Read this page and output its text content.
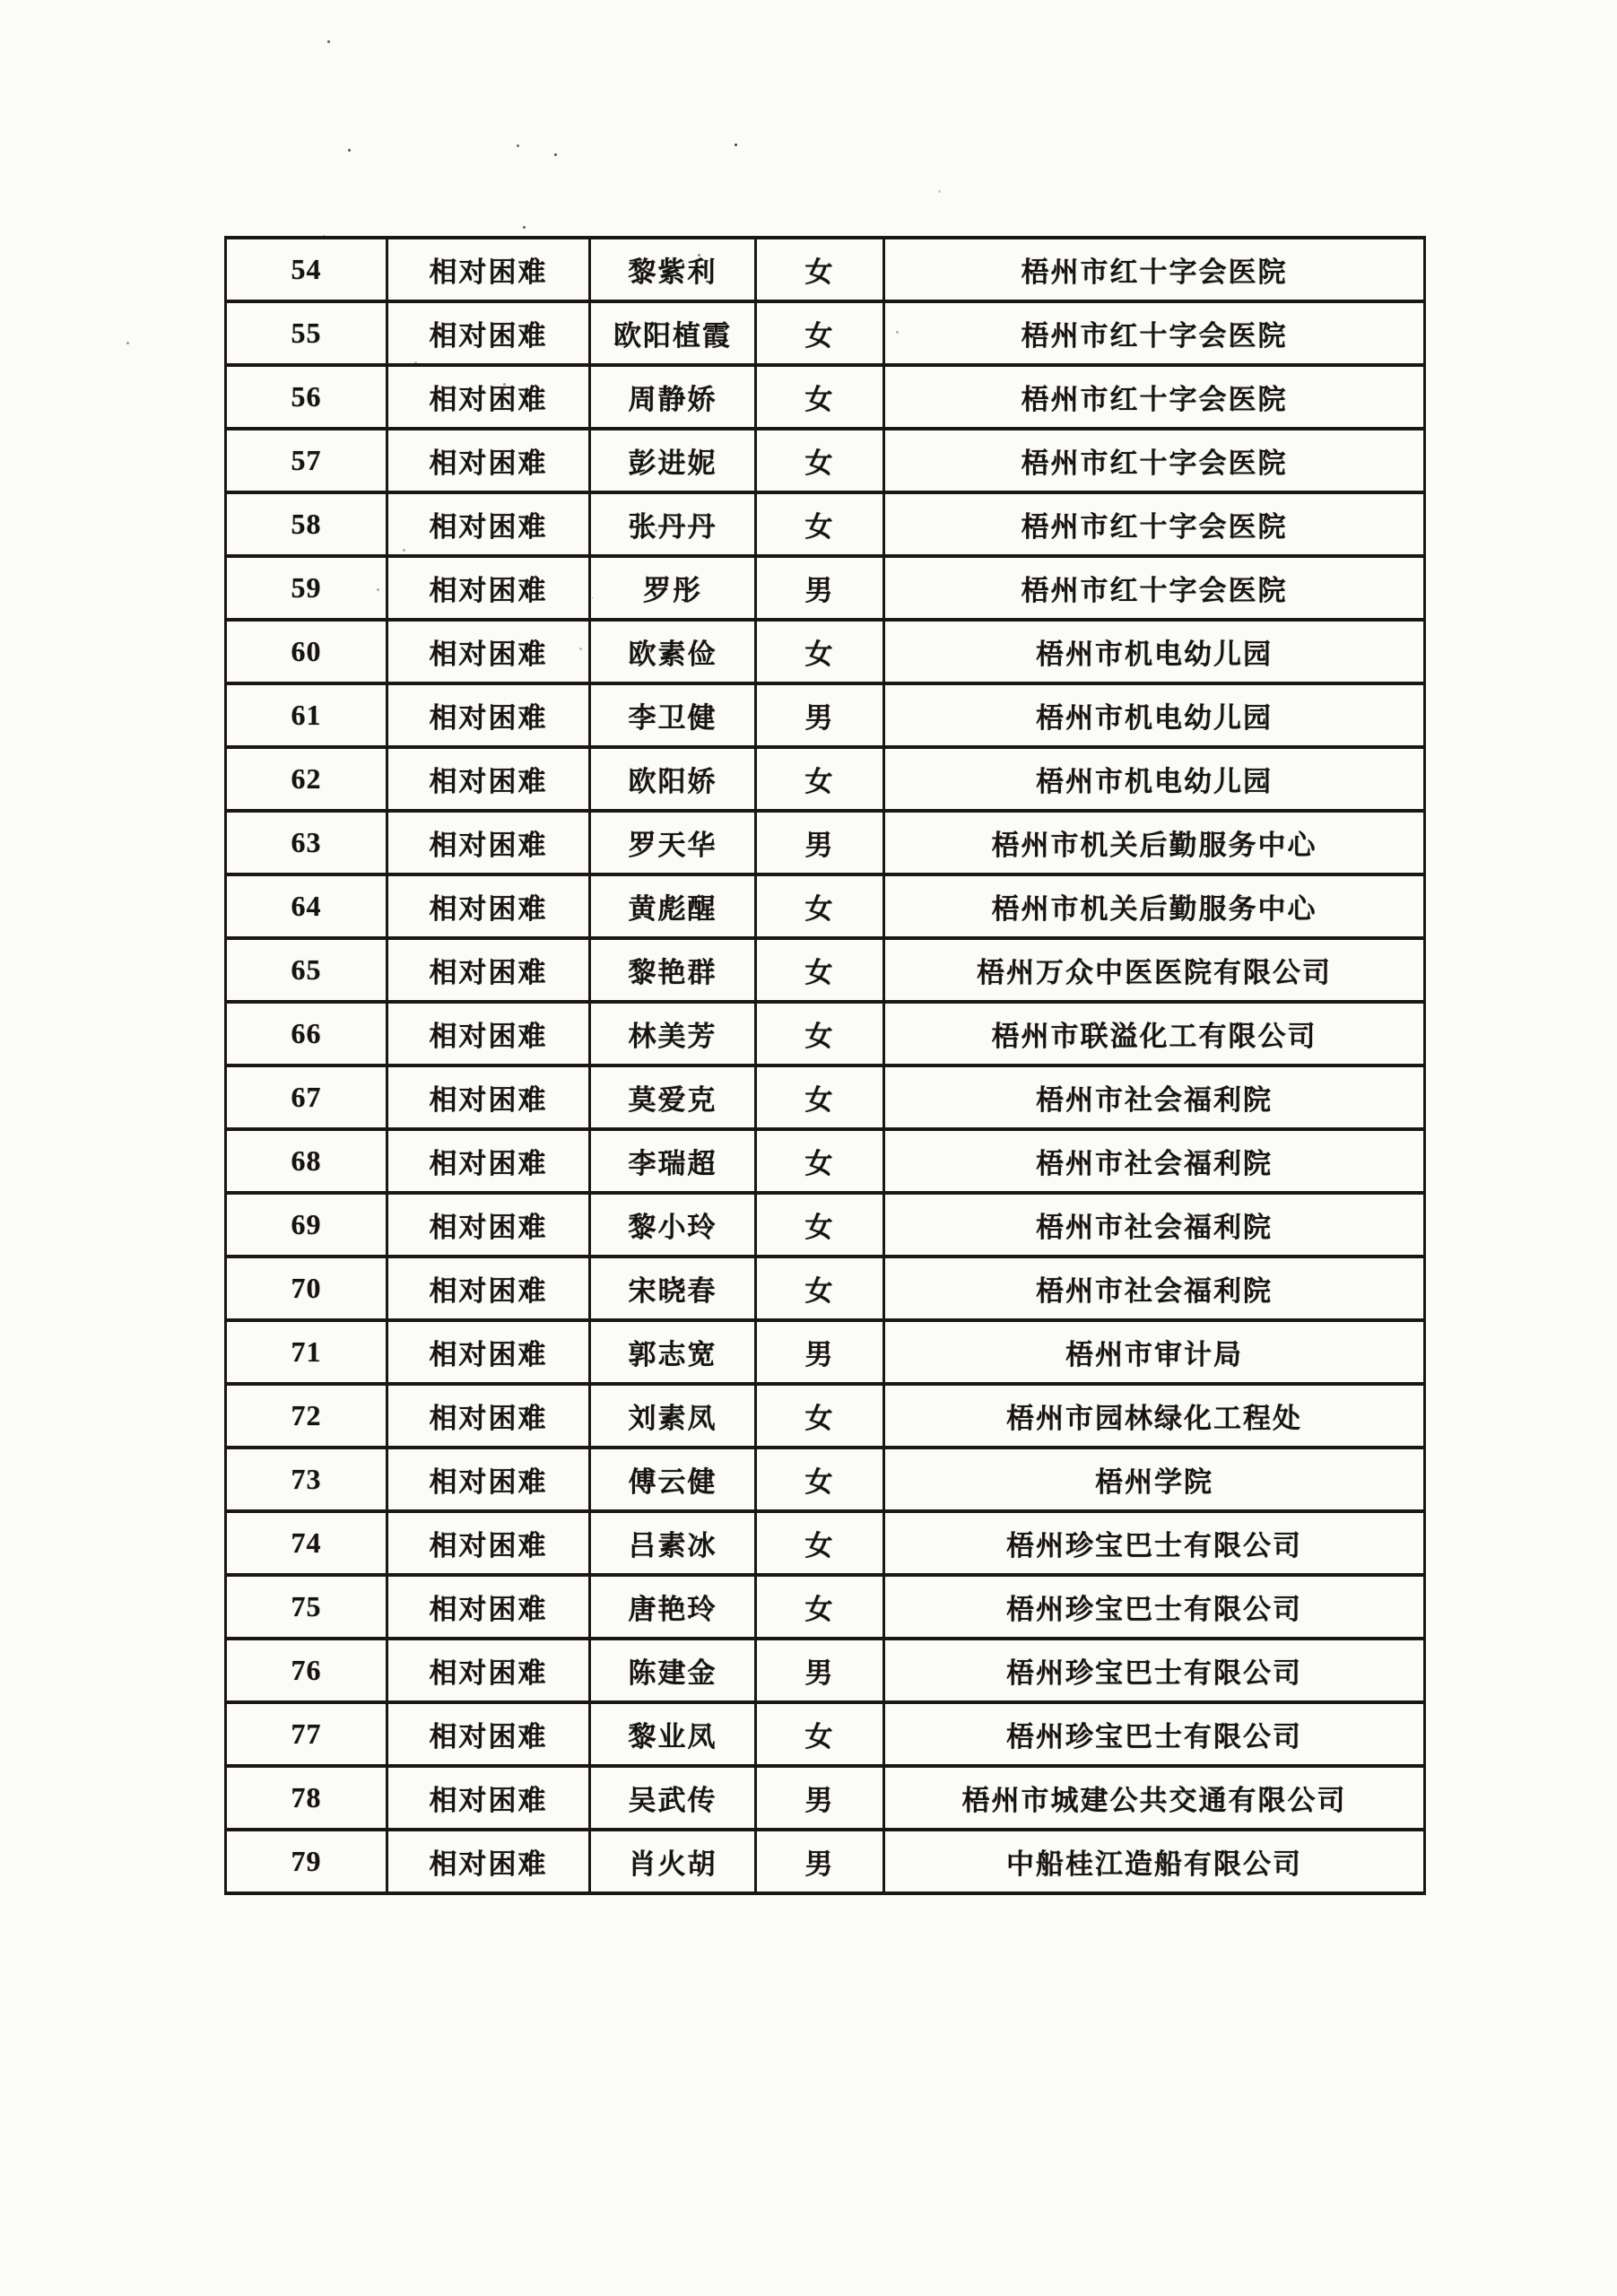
54	相对困难	黎紫利	女	梧州市红十字会医院
55	相对困难	欧阳植霞	女	梧州市红十字会医院
56	相对困难	周静娇	女	梧州市红十字会医院
57	相对困难	彭进妮	女	梧州市红十字会医院
58	相对困难	张丹丹	女	梧州市红十字会医院
59	相对困难	罗彤	男	梧州市红十字会医院
60	相对困难	欧素俭	女	梧州市机电幼儿园
61	相对困难	李卫健	男	梧州市机电幼儿园
62	相对困难	欧阳娇	女	梧州市机电幼儿园
63	相对困难	罗天华	男	梧州市机关后勤服务中心
64	相对困难	黄彪醒	女	梧州市机关后勤服务中心
65	相对困难	黎艳群	女	梧州万众中医医院有限公司
66	相对困难	林美芳	女	梧州市联溢化工有限公司
67	相对困难	莫爱克	女	梧州市社会福利院
68	相对困难	李瑞超	女	梧州市社会福利院
69	相对困难	黎小玲	女	梧州市社会福利院
70	相对困难	宋晓春	女	梧州市社会福利院
71	相对困难	郭志宽	男	梧州市审计局
72	相对困难	刘素凤	女	梧州市园林绿化工程处
73	相对困难	傅云健	女	梧州学院
74	相对困难	吕素冰	女	梧州珍宝巴士有限公司
75	相对困难	唐艳玲	女	梧州珍宝巴士有限公司
76	相对困难	陈建金	男	梧州珍宝巴士有限公司
77	相对困难	黎业凤	女	梧州珍宝巴士有限公司
78	相对困难	吴武传	男	梧州市城建公共交通有限公司
79	相对困难	肖火胡	男	中船桂江造船有限公司
